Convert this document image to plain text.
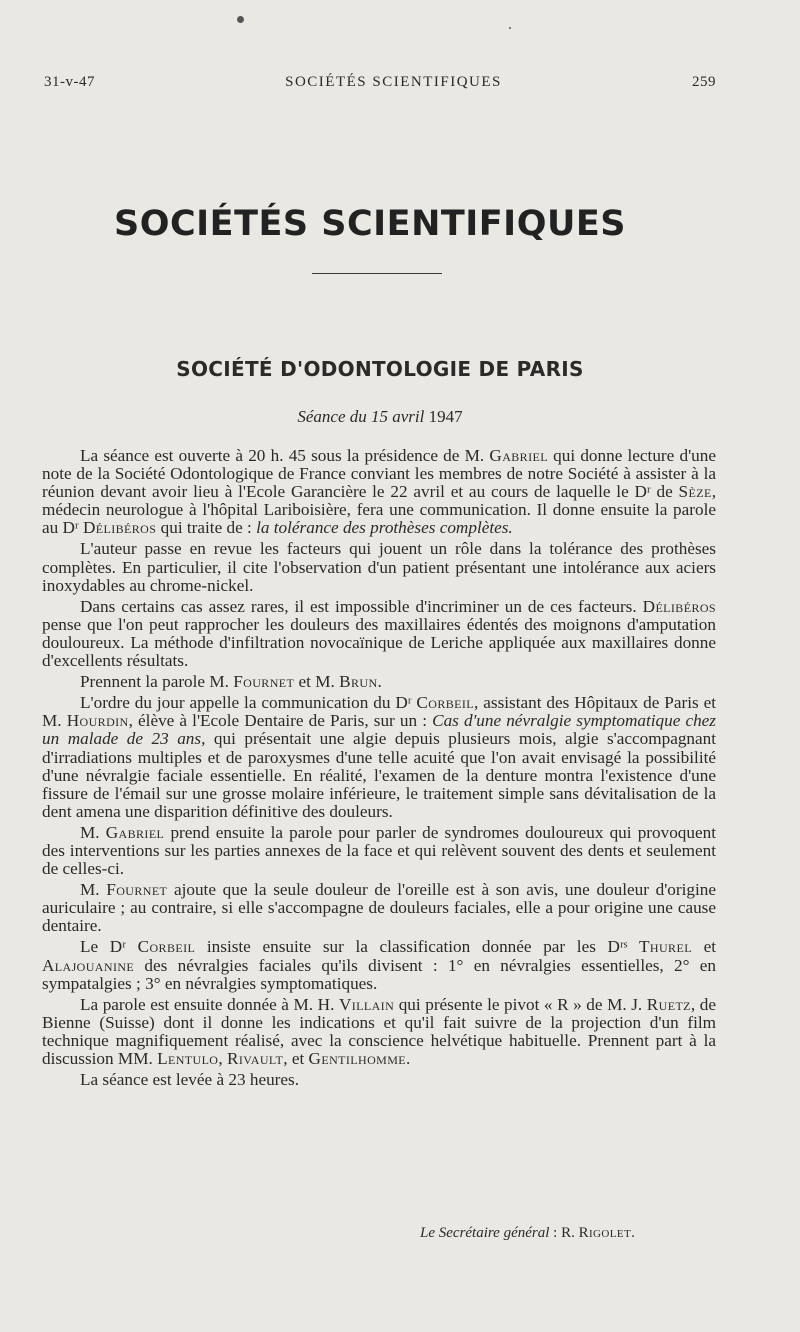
31-v-47	SOCIÉTÉS SCIENTIFIQUES	259
SOCIÉTÉS SCIENTIFIQUES
SOCIÉTÉ D'ODONTOLOGIE DE PARIS
Séance du 15 avril 1947

La séance est ouverte à 20 h. 45 sous la présidence de M. Gabriel qui donne lecture d'une note de la Société Odontologique de France conviant les membres de notre Société à assister à la réunion devant avoir lieu à l'Ecole Garancière le 22 avril et au cours de laquelle le Dʳ de Sèze, médecin neurologue à l'hôpital Lariboisière, fera une communication. Il donne ensuite la parole au Dʳ Délibéros qui traite de : la tolérance des prothèses complètes.

L'auteur passe en revue les facteurs qui jouent un rôle dans la tolérance des prothèses complètes. En particulier, il cite l'observation d'un patient présentant une intolérance aux aciers inoxydables au chrome-nickel.

Dans certains cas assez rares, il est impossible d'incriminer un de ces facteurs. Délibéros pense que l'on peut rapprocher les douleurs des maxillaires édentés des moignons d'amputation douloureux. La méthode d'infiltration novocaïnique de Leriche appliquée aux maxillaires donne d'excellents résultats.

Prennent la parole M. Fournet et M. Brun.

L'ordre du jour appelle la communication du Dʳ Corbeil, assistant des Hôpitaux de Paris et M. Hourdin, élève à l'Ecole Dentaire de Paris, sur un : Cas d'une névralgie symptomatique chez un malade de 23 ans, qui présentait une algie depuis plusieurs mois, algie s'accompagnant d'irradiations multiples et de paroxysmes d'une telle acuité que l'on avait envisagé la possibilité d'une névralgie faciale essentielle. En réalité, l'examen de la denture montra l'existence d'une fissure de l'émail sur une grosse molaire inférieure, le traitement simple sans dévitalisation de la dent amena une disparition définitive des douleurs.

M. Gabriel prend ensuite la parole pour parler de syndromes douloureux qui provoquent des interventions sur les parties annexes de la face et qui relèvent souvent des dents et seulement de celles-ci.

M. Fournet ajoute que la seule douleur de l'oreille est à son avis, une douleur d'origine auriculaire ; au contraire, si elle s'accompagne de douleurs faciales, elle a pour origine une cause dentaire.

Le Dʳ Corbeil insiste ensuite sur la classification donnée par les Dʳˢ Thurel et Alajouanine des névralgies faciales qu'ils divisent : 1° en névralgies essentielles, 2° en sympatalgies ; 3° en névralgies symptomatiques.

La parole est ensuite donnée à M. H. Villain qui présente le pivot « R » de M. J. Ruetz, de Bienne (Suisse) dont il donne les indications et qu'il fait suivre de la projection d'un film technique magnifiquement réalisé, avec la conscience helvétique habituelle. Prennent part à la discussion MM. Lentulo, Rivault, et Gentilhomme.

La séance est levée à 23 heures.

Le Secrétaire général : R. Rigolet.
